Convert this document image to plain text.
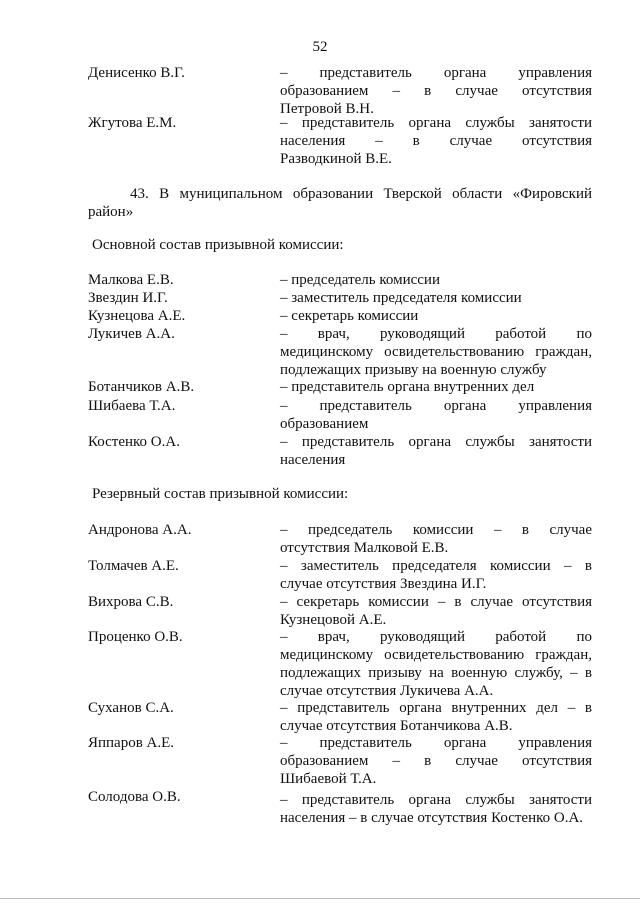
52
Денисенко В.Г.	– представитель органа управления
образованием – в случае отсутствия
Петровой В.Н.
Жгутова Е.М.	– представитель органа службы занятости
населения – в случае отсутствия
Разводкиной В.Е.
43. В муниципальном образовании Тверской области «Фировский
район»
Основной состав призывной комиссии:
Малкова Е.В.	– председатель комиссии
Звездин И.Г.	– заместитель председателя комиссии
Кузнецова А.Е.	– секретарь комиссии
Лукичев А.А.	– врач, руководящий работой по
медицинскому освидетельствованию граждан,
подлежащих призыву на военную службу
Ботанчиков А.В.	– представитель органа внутренних дел
Шибаева Т.А.	– представитель органа управления
образованием
Костенко О.А.	– представитель органа службы занятости
населения
Резервный состав призывной комиссии:
Андронова А.А.	– председатель комиссии – в случае
отсутствия Малковой Е.В.
Толмачев А.Е.	– заместитель председателя комиссии – в
случае отсутствия Звездина И.Г.
Вихрова С.В.	– секретарь комиссии – в случае отсутствия
Кузнецовой А.Е.
Проценко О.В.	– врач, руководящий работой по
медицинскому освидетельствованию граждан,
подлежащих призыву на военную службу, – в
случае отсутствия Лукичева А.А.
Суханов С.А.	– представитель органа внутренних дел – в
случае отсутствия Ботанчикова А.В.
Яппаров А.Е.	– представитель органа управления
образованием – в случае отсутствия
Шибаевой Т.А.
Солодова О.В.	– представитель органа службы занятости
населения – в случае отсутствия Костенко О.А.
